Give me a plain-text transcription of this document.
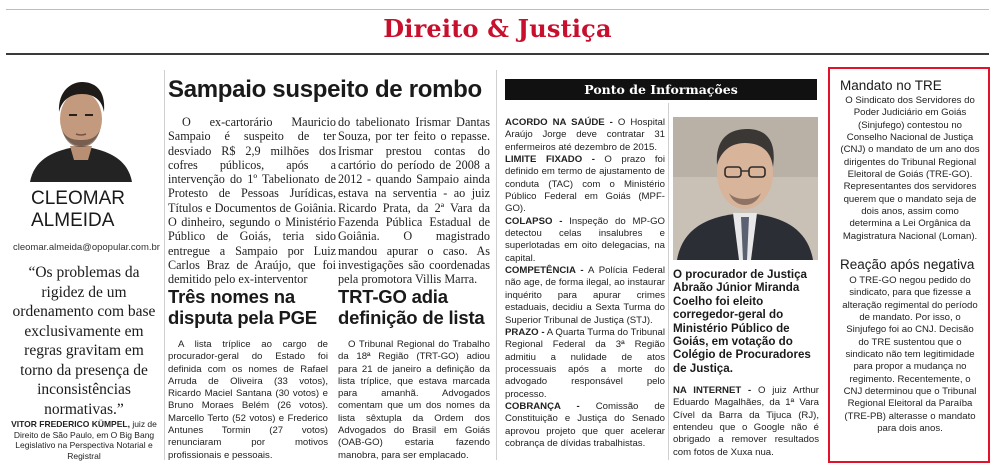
Direito & Justiça
CLEOMAR
ALMEIDA
cleomar.almeida@opopular.com.br
“Os problemas da rigidez de um ordenamento com base exclusivamente em regras gravitam em torno da presença de inconsistências normativas.”
VITOR FREDERICO KÜMPEL, juiz de Direito de São Paulo, em O Big Bang Legislativo na Perspectiva Notarial e Registral
Sampaio suspeito de rombo

O ex-cartorário Mauricio Sampaio é suspeito de ter desviado R$ 2,9 milhões dos cofres públicos, após a intervenção do 1º Tabelionato de Protesto de Pessoas Jurídicas, Títulos e Documentos de Goiânia. O dinheiro, segundo o Ministério Público de Goiás, teria sido entregue a Sampaio por Luiz Carlos Braz de Araújo, que foi demitido pelo ex-interventor

do tabelionato Irismar Dantas Souza, por ter feito o repasse. Irismar prestou contas do cartório do período de 2008 a 2012 - quando Sampaio ainda estava na serventia - ao juiz Ricardo Prata, da 2ª Vara da Fazenda Pública Estadual de Goiânia. O magistrado mandou apurar o caso. As investigações são coordenadas pela promotora Villis Marra.

Três nomes na disputa pela PGE

A lista tríplice ao cargo de procurador-geral do Estado foi definida com os nomes de Rafael Arruda de Oliveira (33 votos), Ricardo Maciel Santana (30 votos) e Bruno Moraes Belém (26 votos). Marcello Terto (52 votos) e Frederico Antunes Tormin (27 votos) renunciaram por motivos profissionais e pessoais.

TRT-GO adia definição de lista

O Tribunal Regional do Trabalho da 18ª Região (TRT-GO) adiou para 21 de janeiro a definição da lista tríplice, que estava marcada para amanhã. Advogados comentam que um dos nomes da lista sêxtupla da Ordem dos Advogados do Brasil em Goiás (OAB-GO) estaria fazendo manobra, para ser emplacado.

Ponto de Informações

ACORDO NA SAÚDE - O Hospital Araújo Jorge deve contratar 31 enfermeiros até dezembro de 2015.

LIMITE FIXADO - O prazo foi definido em termo de ajustamento de conduta (TAC) com o Ministério Público Federal em Goiás (MPF-GO).

COLAPSO - Inspeção do MP-GO detectou celas insalubres e superlotadas em oito delegacias, na capital.

COMPETÊNCIA - A Polícia Federal não age, de forma ilegal, ao instaurar inquérito para apurar crimes estaduais, decidiu a Sexta Turma do Superior Tribunal de Justiça (STJ).

PRAZO - A Quarta Turma do Tribunal Regional Federal da 3ª Região admitiu a nulidade de atos processuais após a morte do advogado responsável pelo processo.

COBRANÇA - Comissão de Constituição e Justiça do Senado aprovou projeto que quer acelerar cobrança de dívidas trabalhistas.

O procurador de Justiça Abraão Júnior Miranda Coelho foi eleito corregedor-geral do Ministério Público de Goiás, em votação do Colégio de Procuradores de Justiça.

NA INTERNET - O juiz Arthur Eduardo Magalhães, da 1ª Vara Cível da Barra da Tijuca (RJ), entendeu que o Google não é obrigado a remover resultados com fotos de Xuxa nua.

Mandato no TRE

O Sindicato dos Servidores do Poder Judiciário em Goiás (Sinjufego) contestou no Conselho Nacional de Justiça (CNJ) o mandato de um ano dos dirigentes do Tribunal Regional Eleitoral de Goiás (TRE-GO). Representantes dos servidores querem que o mandato seja de dois anos, assim como determina a Lei Orgânica da Magistratura Nacional (Loman).

Reação após negativa

O TRE-GO negou pedido do sindicato, para que fizesse a alteração regimental do período de mandato. Por isso, o Sinjufego foi ao CNJ. Decisão do TRE sustentou que o sindicato não tem legitimidade para propor a mudança no regimento. Recentemente, o CNJ determinou que o Tribunal Regional Eleitoral da Paraíba (TRE-PB) alterasse o mandato para dois anos.
